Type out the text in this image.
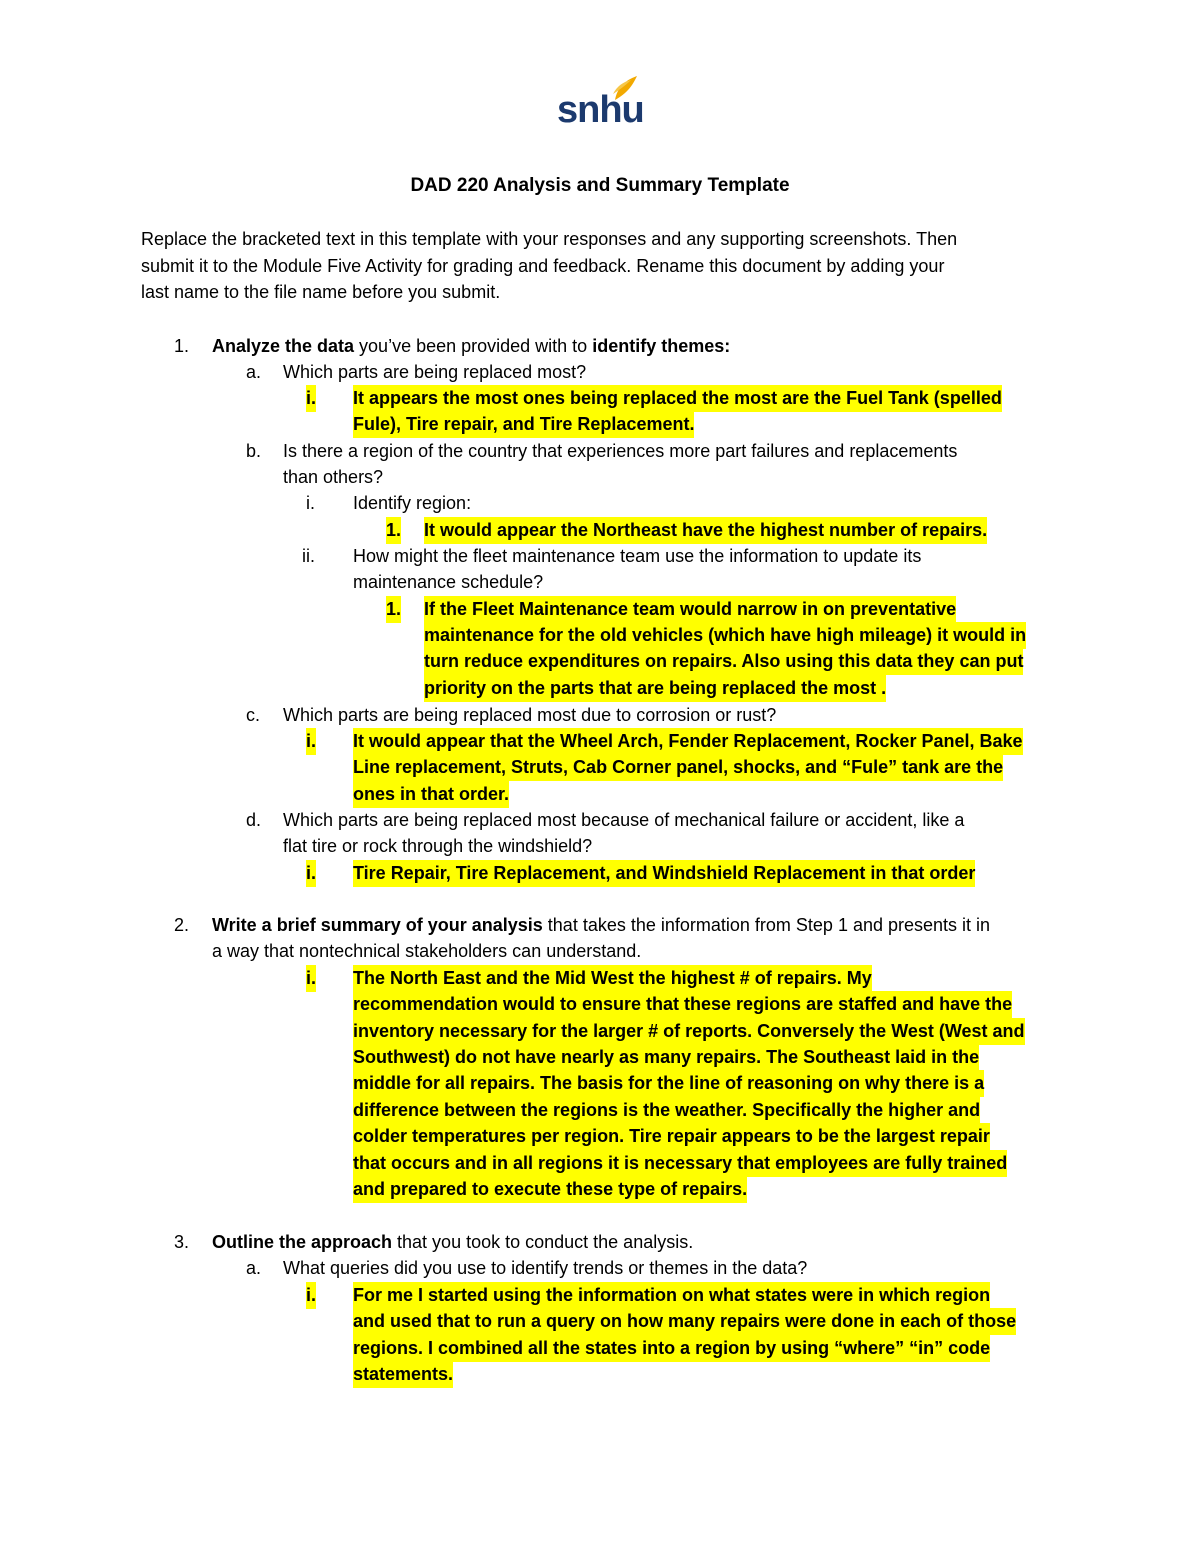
snhu
DAD 220 Analysis and Summary Template

Replace the bracketed text in this template with your responses and any supporting screenshots. Then

submit it to the Module Five Activity for grading and feedback. Rename this document by adding your

last name to the file name before you submit.

1. Analyze the data you’ve been provided with to identify themes:
a. Which parts are being replaced most?
i. It appears the most ones being replaced the most are the Fuel Tank (spelled
Fule), Tire repair, and Tire Replacement.
b. Is there a region of the country that experiences more part failures and replacements
than others?
i. Identify region:
1. It would appear the Northeast have the highest number of repairs.
ii. How might the fleet maintenance team use the information to update its
maintenance schedule?
1. If the Fleet Maintenance team would narrow in on preventative
maintenance for the old vehicles (which have high mileage) it would in
turn reduce expenditures on repairs. Also using this data they can put
priority on the parts that are being replaced the most .
c. Which parts are being replaced most due to corrosion or rust?
i. It would appear that the Wheel Arch, Fender Replacement, Rocker Panel, Bake
Line replacement, Struts, Cab Corner panel, shocks, and “Fule” tank are the
ones in that order.
d. Which parts are being replaced most because of mechanical failure or accident, like a
flat tire or rock through the windshield?
i. Tire Repair, Tire Replacement, and Windshield Replacement in that order
2. Write a brief summary of your analysis that takes the information from Step 1 and presents it in
a way that nontechnical stakeholders can understand.
i. The North East and the Mid West the highest # of repairs. My
recommendation would to ensure that these regions are staffed and have the
inventory necessary for the larger # of reports. Conversely the West (West and
Southwest) do not have nearly as many repairs. The Southeast laid in the
middle for all repairs. The basis for the line of reasoning on why there is a
difference between the regions is the weather. Specifically the higher and
colder temperatures per region. Tire repair appears to be the largest repair
that occurs and in all regions it is necessary that employees are fully trained
and prepared to execute these type of repairs.
3. Outline the approach that you took to conduct the analysis.
a. What queries did you use to identify trends or themes in the data?
i. For me I started using the information on what states were in which region
and used that to run a query on how many repairs were done in each of those
regions. I combined all the states into a region by using “where” “in” code
statements.
